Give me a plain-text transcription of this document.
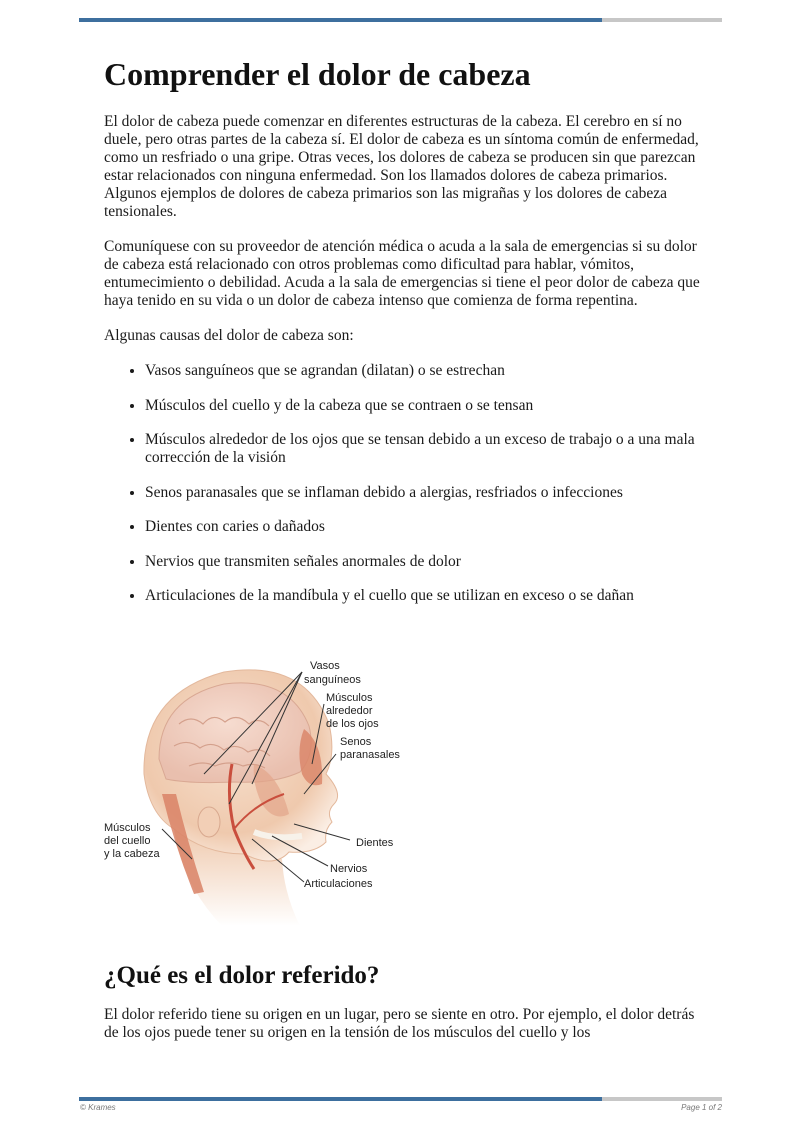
Comprender el dolor de cabeza

El dolor de cabeza puede comenzar en diferentes estructuras de la cabeza. El cerebro en sí no duele, pero otras partes de la cabeza sí. El dolor de cabeza es un síntoma común de enfermedad, como un resfriado o una gripe. Otras veces, los dolores de cabeza se producen sin que parezcan estar relacionados con ninguna enfermedad. Son los llamados dolores de cabeza primarios. Algunos ejemplos de dolores de cabeza primarios son las migrañas y los dolores de cabeza tensionales.

Comuníquese con su proveedor de atención médica o acuda a la sala de emergencias si su dolor de cabeza está relacionado con otros problemas como dificultad para hablar, vómitos, entumecimiento o debilidad. Acuda a la sala de emergencias si tiene el peor dolor de cabeza que haya tenido en su vida o un dolor de cabeza intenso que comienza de forma repentina.

Algunas causas del dolor de cabeza son:

• Vasos sanguíneos que se agrandan (dilatan) o se estrechan
• Músculos del cuello y de la cabeza que se contraen o se tensan
• Músculos alrededor de los ojos que se tensan debido a un exceso de trabajo o a una mala corrección de la visión
• Senos paranasales que se inflaman debido a alergias, resfriados o infecciones
• Dientes con caries o dañados
• Nervios que transmiten señales anormales de dolor
• Articulaciones de la mandíbula y el cuello que se utilizan en exceso o se dañan
Vasos
sanguíneos
Músculos
alrededor
de los ojos
Senos
paranasales
Músculos
del cuello
y la cabeza
Dientes
Nervios
Articulaciones
¿Qué es el dolor referido?

El dolor referido tiene su origen en un lugar, pero se siente en otro. Por ejemplo, el dolor detrás de los ojos puede tener su origen en la tensión de los músculos del cuello y los

© Krames	Page 1 of 2
